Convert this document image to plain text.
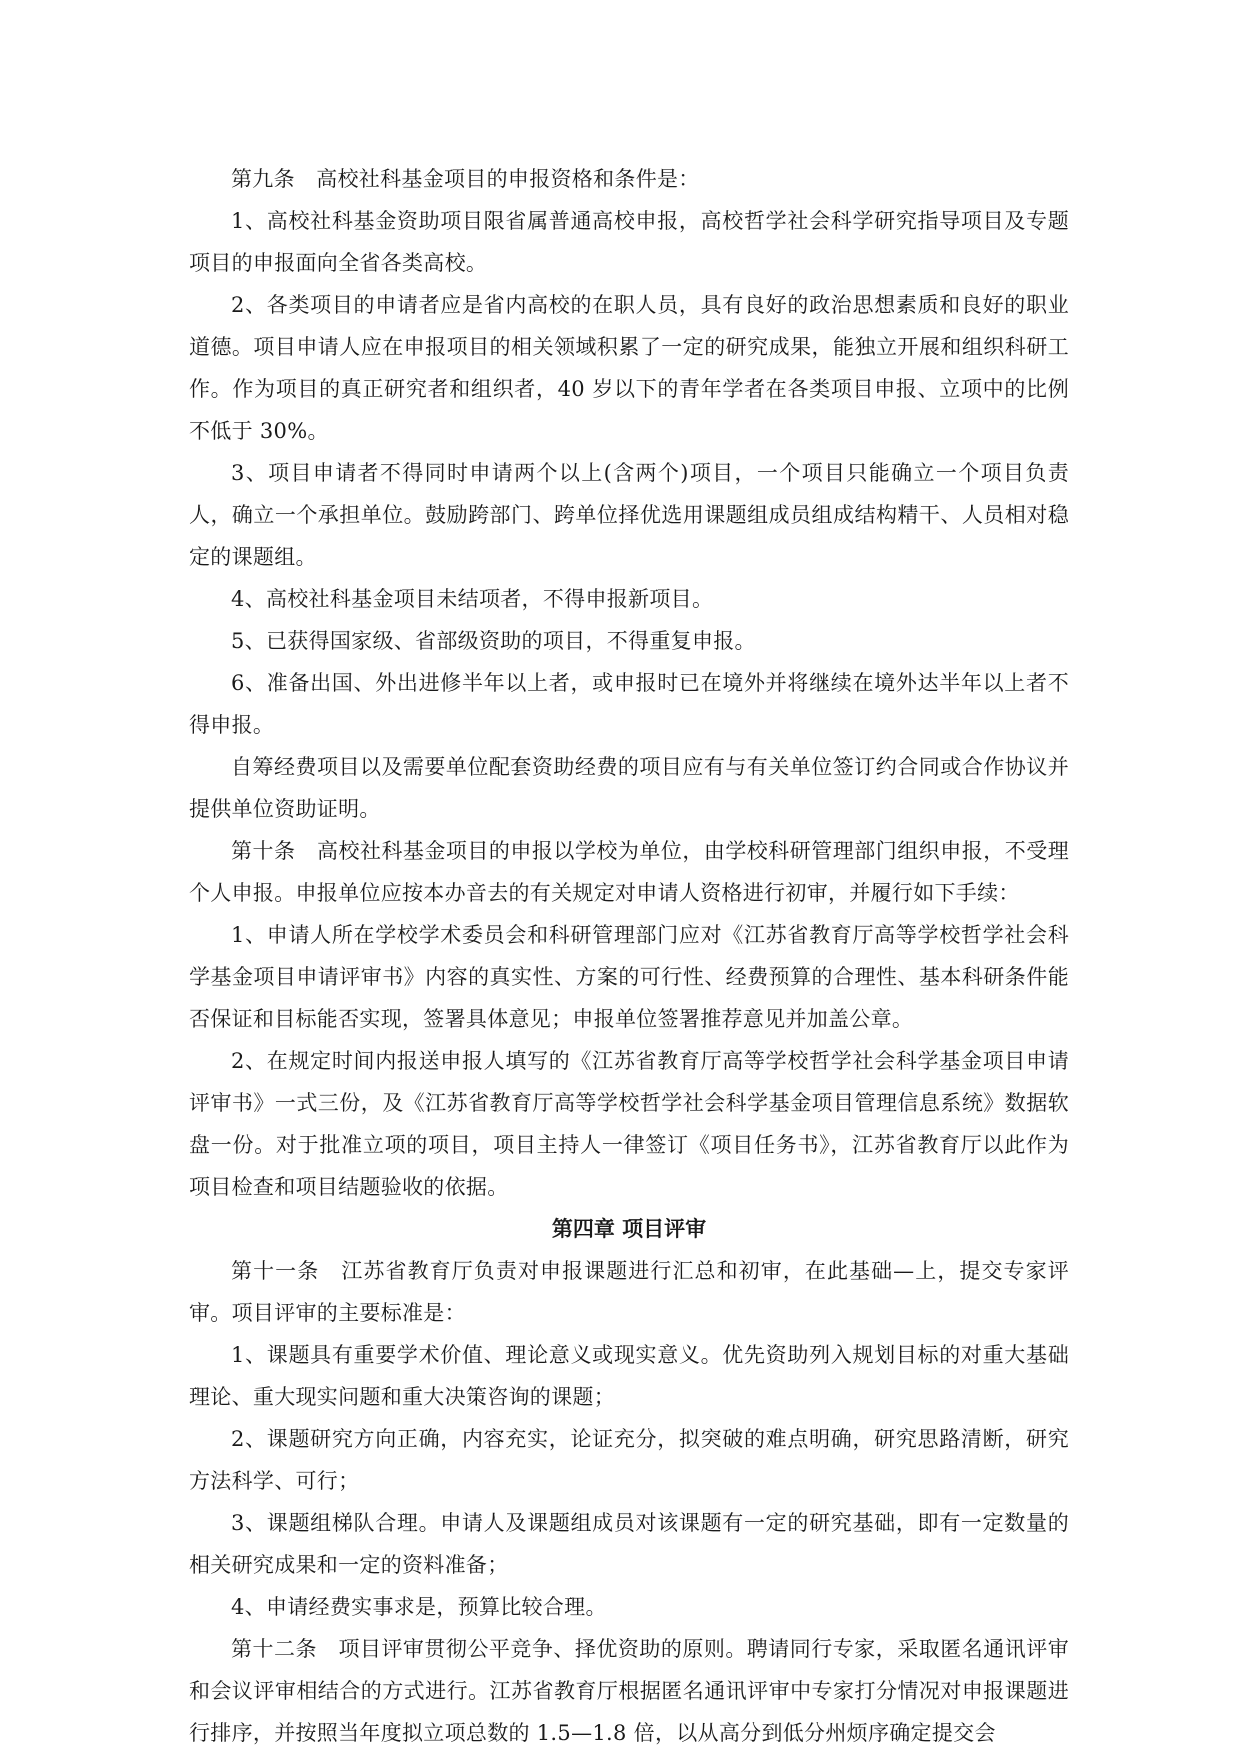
第九条　高校社科基金项目的申报资格和条件是：

1、高校社科基金资助项目限省属普通高校申报，高校哲学社会科学研究指导项目及专题项目的申报面向全省各类高校。

2、各类项目的申请者应是省内高校的在职人员，具有良好的政治思想素质和良好的职业道德。项目申请人应在申报项目的相关领域积累了一定的研究成果，能独立开展和组织科研工作。作为项目的真正研究者和组织者，40 岁以下的青年学者在各类项目申报、立项中的比例不低于 30%。

3、项目申请者不得同时申请两个以上(含两个)项目，一个项目只能确立一个项目负责人，确立一个承担单位。鼓励跨部门、跨单位择优选用课题组成员组成结构精干、人员相对稳定的课题组。

4、高校社科基金项目未结项者，不得申报新项目。

5、已获得国家级、省部级资助的项目，不得重复申报。

6、准备出国、外出进修半年以上者，或申报时已在境外并将继续在境外达半年以上者不得申报。

自筹经费项目以及需要单位配套资助经费的项目应有与有关单位签订约合同或合作协议并提供单位资助证明。

第十条　高校社科基金项目的申报以学校为单位，由学校科研管理部门组织申报，不受理个人申报。申报单位应按本办音去的有关规定对申请人资格进行初审，并履行如下手续：

1、申请人所在学校学术委员会和科研管理部门应对《江苏省教育厅高等学校哲学社会科学基金项目申请评审书》内容的真实性、方案的可行性、经费预算的合理性、基本科研条件能否保证和目标能否实现，签署具体意见；申报单位签署推荐意见并加盖公章。

2、在规定时间内报送申报人填写的《江苏省教育厅高等学校哲学社会科学基金项目申请评审书》一式三份，及《江苏省教育厅高等学校哲学社会科学基金项目管理信息系统》数据软盘一份。对于批准立项的项目，项目主持人一律签订《项目任务书》，江苏省教育厅以此作为项目检查和项目结题验收的依据。

第四章 项目评审

第十一条　江苏省教育厅负责对申报课题进行汇总和初审，在此基础—上，提交专家评审。项目评审的主要标准是：

1、课题具有重要学术价值、理论意义或现实意义。优先资助列入规划目标的对重大基础理论、重大现实问题和重大决策咨询的课题；

2、课题研究方向正确，内容充实，论证充分，拟突破的难点明确，研究思路清断，研究方法科学、可行；

3、课题组梯队合理。申请人及课题组成员对该课题有一定的研究基础，即有一定数量的相关研究成果和一定的资料准备；

4、申请经费实事求是，预算比较合理。

第十二条　项目评审贯彻公平竞争、择优资助的原则。聘请同行专家，采取匿名通讯评审和会议评审相结合的方式进行。江苏省教育厅根据匿名通讯评审中专家打分情况对申报课题进行排序，并按照当年度拟立项总数的 1.5—1.8 倍，以从高分到低分州烦序确定提交会
